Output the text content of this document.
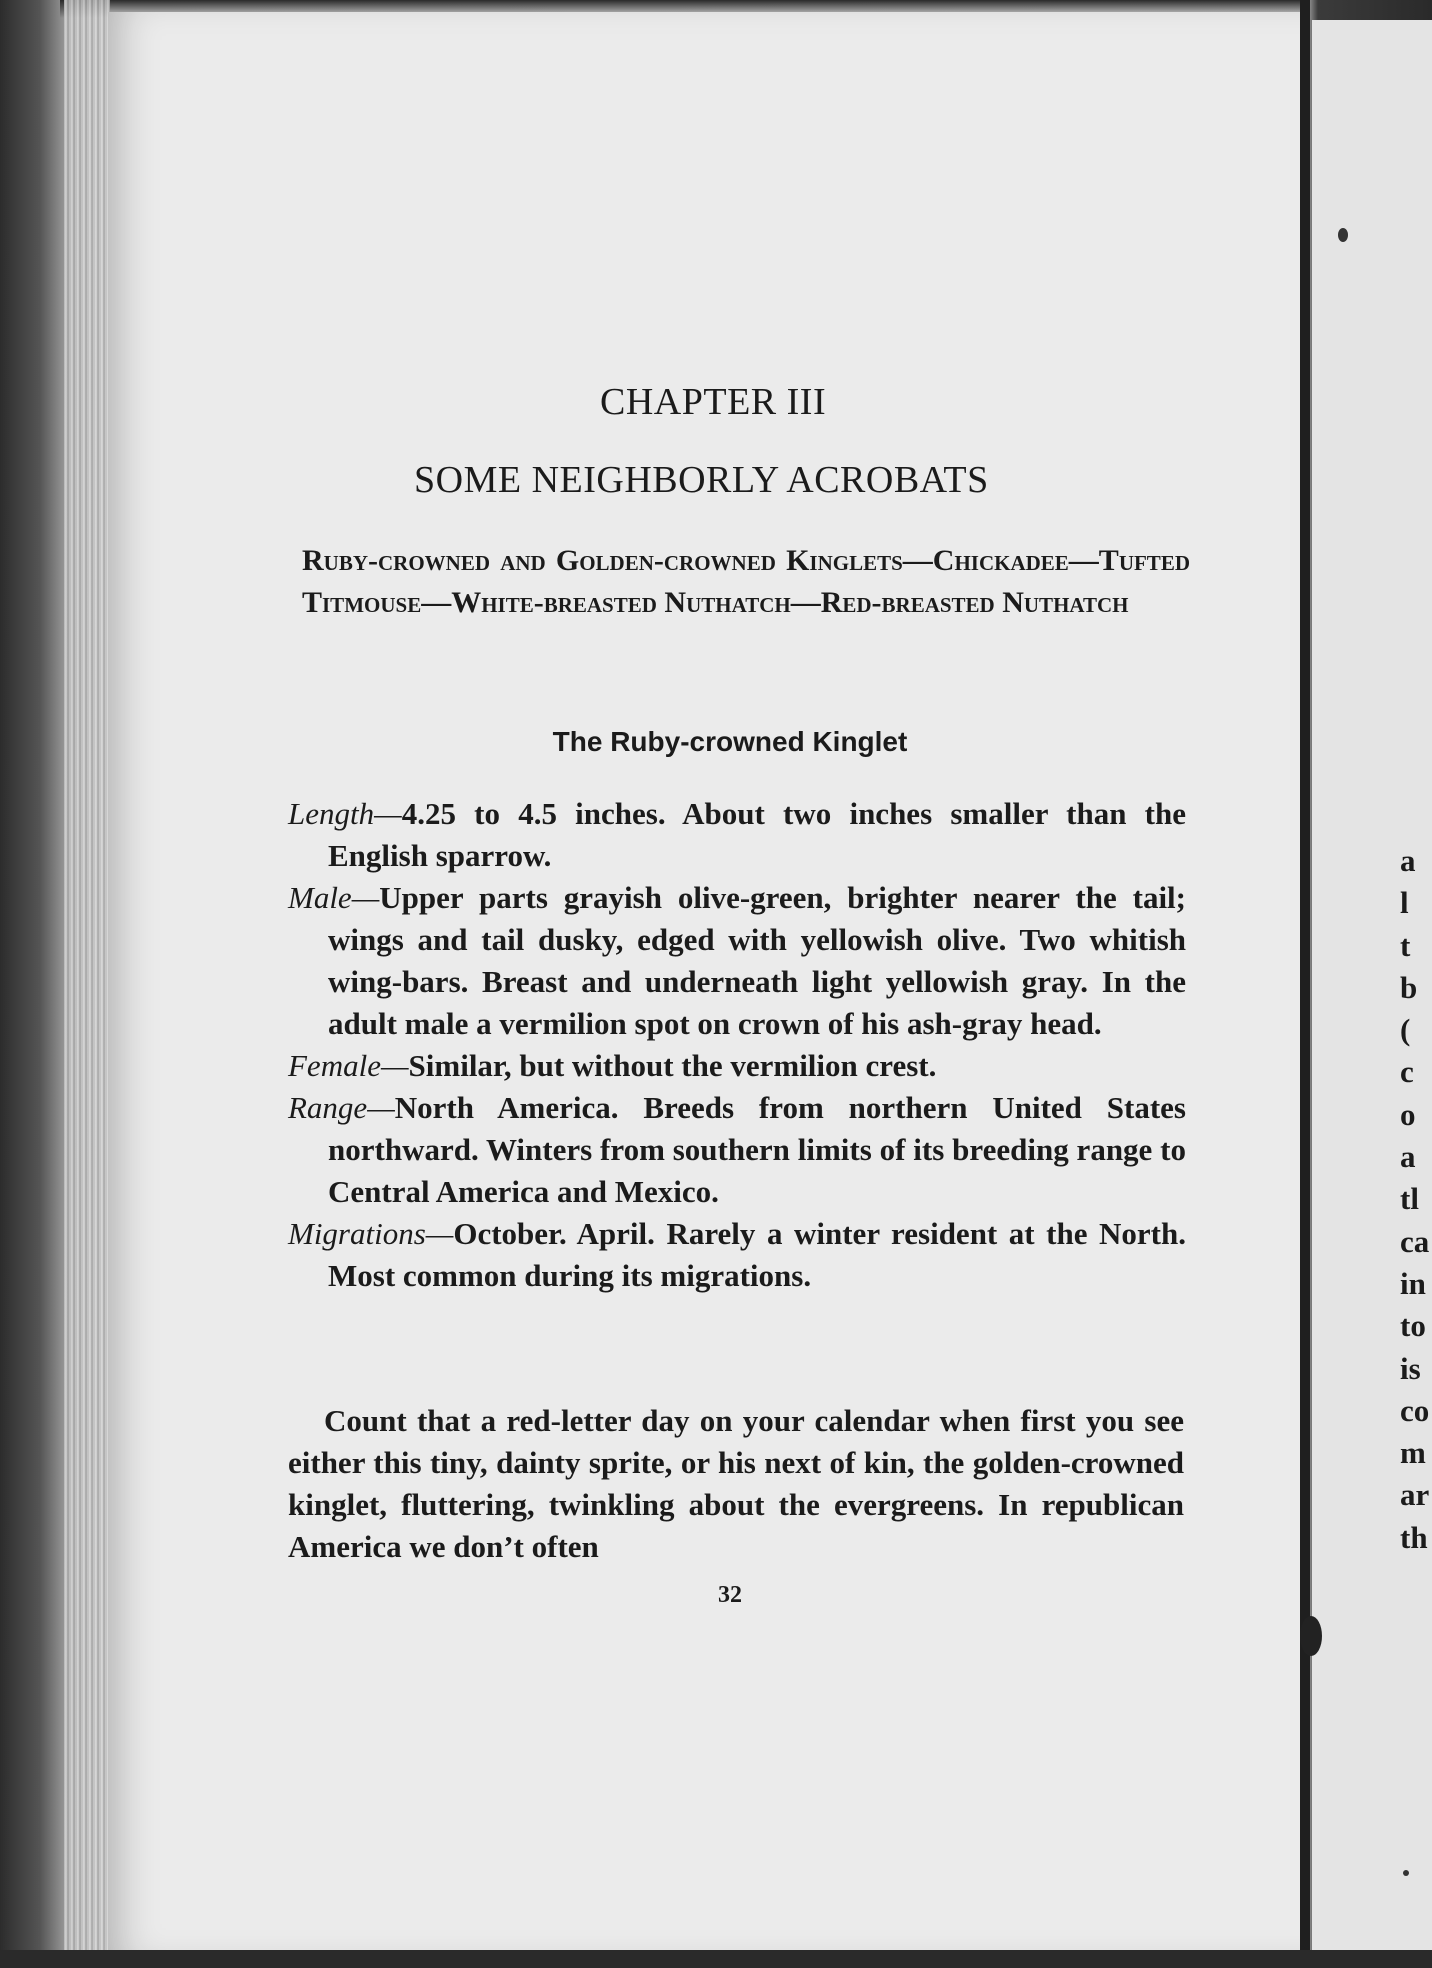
CHAPTER III
SOME NEIGHBORLY ACROBATS
Ruby-crowned and Golden-crowned Kinglets—Chickadee—Tufted Titmouse—White-breasted Nuthatch—Red-breasted Nuthatch
The Ruby-crowned Kinglet
Length—4.25 to 4.5 inches. About two inches smaller than the English sparrow.
Male—Upper parts grayish olive-green, brighter nearer the tail; wings and tail dusky, edged with yellowish olive. Two whitish wing-bars. Breast and underneath light yellowish gray. In the adult male a vermilion spot on crown of his ash-gray head.
Female—Similar, but without the vermilion crest.
Range—North America. Breeds from northern United States northward. Winters from southern limits of its breeding range to Central America and Mexico.
Migrations—October. April. Rarely a winter resident at the North. Most common during its migrations.
Count that a red-letter day on your calendar when first you see either this tiny, dainty sprite, or his next of kin, the golden-crowned kinglet, fluttering, twinkling about the evergreens. In republican America we don’t often
32
a
l
t
b
(
c
o
a
tl
ca
in
to
is
co
m
ar
th
